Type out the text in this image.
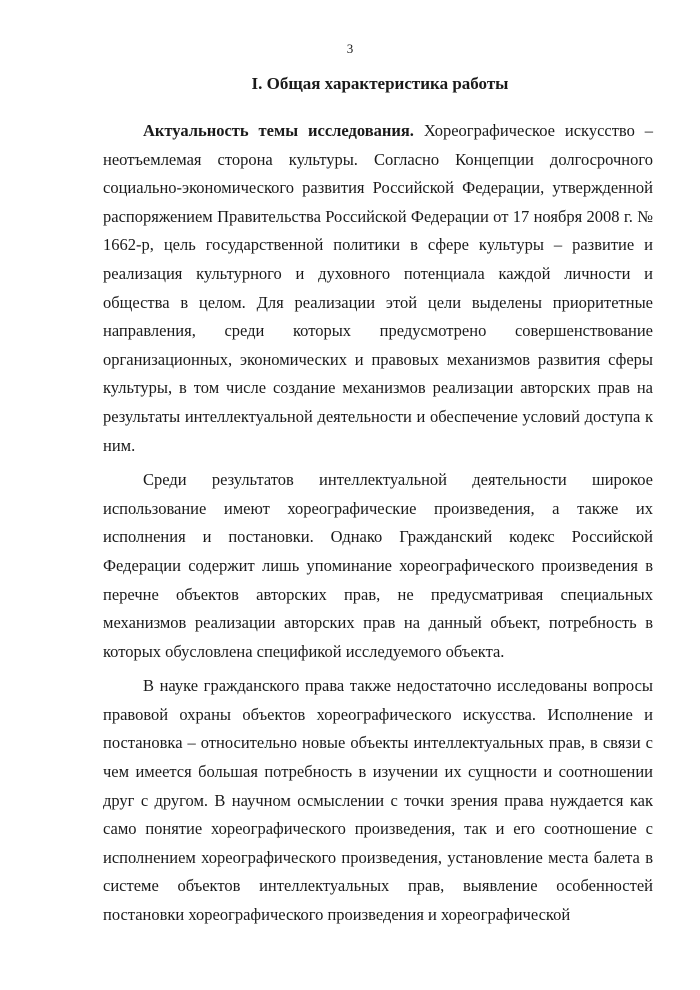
3
I. Общая характеристика работы

Актуальность темы исследования. Хореографическое искусство – неотъемлемая сторона культуры. Согласно Концепции долгосрочного социально-экономического развития Российской Федерации, утвержденной распоряжением Правительства Российской Федерации от 17 ноября 2008 г. № 1662-р, цель государственной политики в сфере культуры – развитие и реализация культурного и духовного потенциала каждой личности и общества в целом. Для реализации этой цели выделены приоритетные направления, среди которых предусмотрено совершенствование организационных, экономических и правовых механизмов развития сферы культуры, в том числе создание механизмов реализации авторских прав на результаты интеллектуальной деятельности и обеспечение условий доступа к ним.

Среди результатов интеллектуальной деятельности широкое использование имеют хореографические произведения, а также их исполнения и постановки. Однако Гражданский кодекс Российской Федерации содержит лишь упоминание хореографического произведения в перечне объектов авторских прав, не предусматривая специальных механизмов реализации авторских прав на данный объект, потребность в которых обусловлена спецификой исследуемого объекта.

В науке гражданского права также недостаточно исследованы вопросы правовой охраны объектов хореографического искусства. Исполнение и постановка – относительно новые объекты интеллектуальных прав, в связи с чем имеется большая потребность в изучении их сущности и соотношении друг с другом. В научном осмыслении с точки зрения права нуждается как само понятие хореографического произведения, так и его соотношение с исполнением хореографического произведения, установление места балета в системе объектов интеллектуальных прав, выявление особенностей постановки хореографического произведения и хореографической
